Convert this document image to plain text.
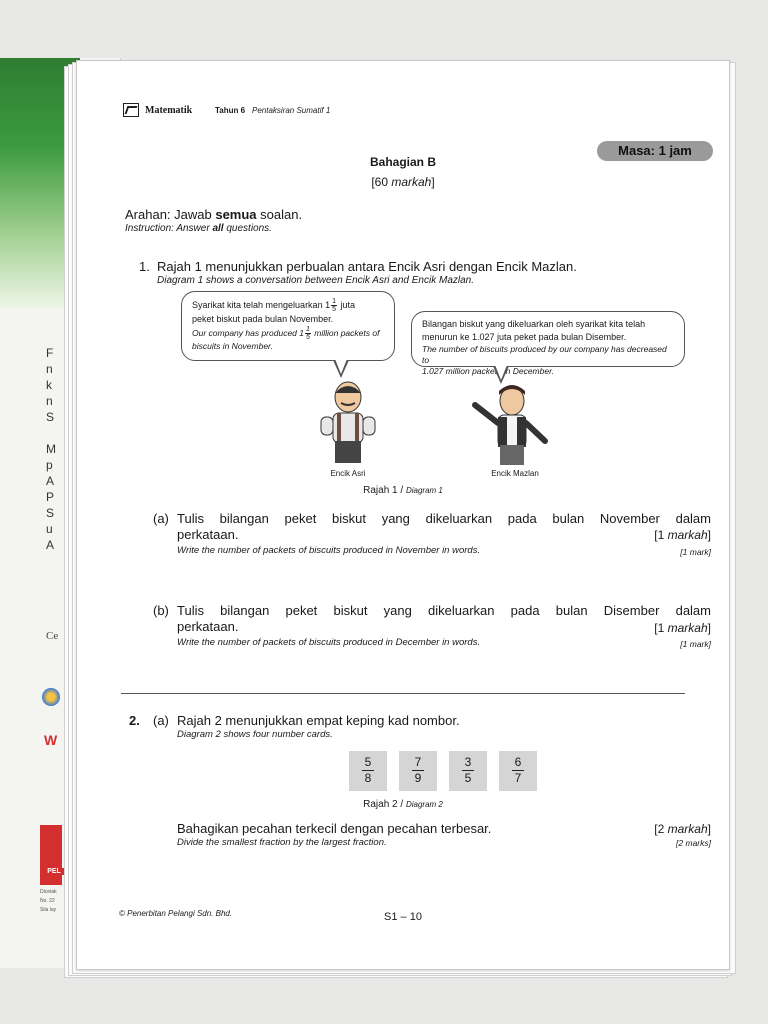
F
n
k
n
S

M
p
A
P
S
u
A
Ce
W
PEL
Dicetak
No. 22
Sila lay
Matematik	Tahun 6 Pentaksiran Sumatif 1
Masa: 1 jam
Bahagian B
[60 markah]
Arahan: Jawab semua soalan.
Instruction: Answer all questions.
1. Rajah 1 menunjukkan perbualan antara Encik Asri dengan Encik Mazlan.
Diagram 1 shows a conversation between Encik Asri and Encik Mazlan.
Syarikat kita telah mengeluarkan $1 \frac{1}{5}$ juta
peket biskut pada bulan November.
Our company has produced $1 \frac{1}{5}$ million packets of
biscuits in November.
Bilangan biskut yang dikeluarkan oleh syarikat kita telah
menurun ke 1.027 juta peket pada bulan Disember.
The number of biscuits produced by our company has decreased to
1.027 million packets in December.
Encik Asri	Encik Mazlan
Rajah 1 / Diagram 1
(a) Tulis bilangan peket biskut yang dikeluarkan pada bulan November dalam
perkataan.	[1 markah]
Write the number of packets of biscuits produced in November in words.	[1 mark]
(b) Tulis bilangan peket biskut yang dikeluarkan pada bulan Disember dalam
perkataan.	[1 markah]
Write the number of packets of biscuits produced in December in words.	[1 mark]
2. (a) Rajah 2 menunjukkan empat keping kad nombor.
Diagram 2 shows four number cards.
5
8
7
9
3
5
6
7
Rajah 2 / Diagram 2
Bahagikan pecahan terkecil dengan pecahan terbesar.
Divide the smallest fraction by the largest fraction.
[2 markah]
[2 marks]
© Penerbitan Pelangi Sdn. Bhd.	S1 – 10
